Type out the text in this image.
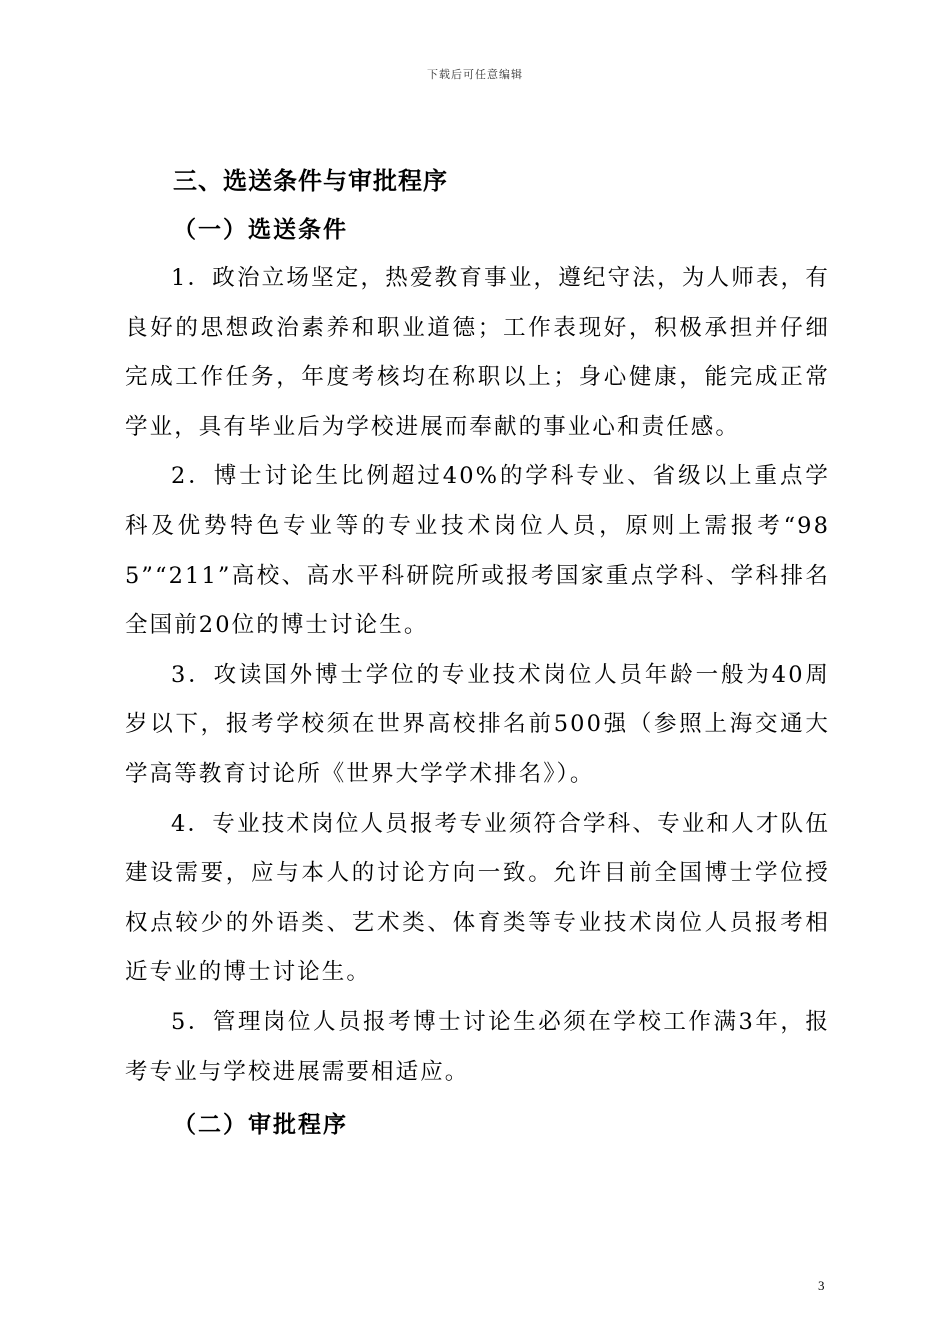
下载后可任意编辑
三、选送条件与审批程序
（一）选送条件

1．政治立场坚定，热爱教育事业，遵纪守法，为人师表，有良好的思想政治素养和职业道德；工作表现好，积极承担并仔细完成工作任务，年度考核均在称职以上；身心健康，能完成正常学业，具有毕业后为学校进展而奉献的事业心和责任感。

2．博士讨论生比例超过40%的学科专业、省级以上重点学科及优势特色专业等的专业技术岗位人员，原则上需报考“985”“211”高校、高水平科研院所或报考国家重点学科、学科排名全国前20位的博士讨论生。

3．攻读国外博士学位的专业技术岗位人员年龄一般为40周岁以下，报考学校须在世界高校排名前500强（参照上海交通大学高等教育讨论所《世界大学学术排名》）。

4．专业技术岗位人员报考专业须符合学科、专业和人才队伍建设需要，应与本人的讨论方向一致。允许目前全国博士学位授权点较少的外语类、艺术类、体育类等专业技术岗位人员报考相近专业的博士讨论生。

5．管理岗位人员报考博士讨论生必须在学校工作满3年，报考专业与学校进展需要相适应。

（二）审批程序
3
